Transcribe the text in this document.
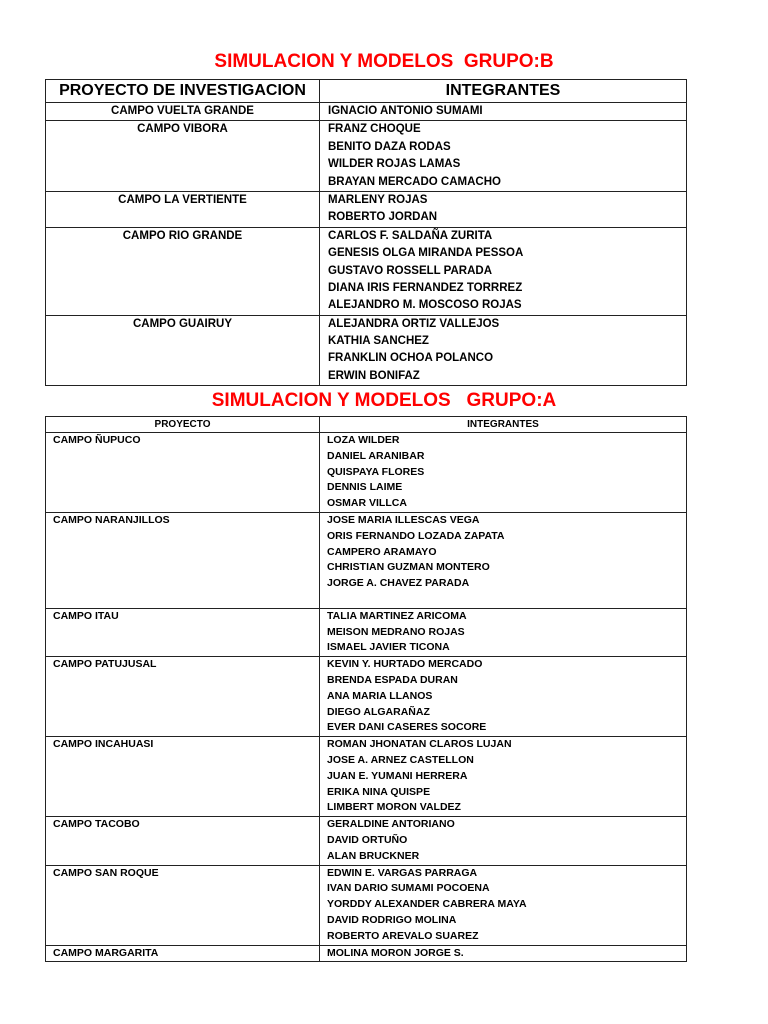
SIMULACION Y MODELOS  GRUPO:B
PROYECTO DE INVESTIGACION	INTEGRANTES

CAMPO VUELTA GRANDE	IGNACIO ANTONIO SUMAMI

CAMPO VIBORA	FRANZ CHOQUE
BENITO DAZA RODAS
WILDER ROJAS LAMAS
BRAYAN MERCADO CAMACHO

CAMPO LA VERTIENTE	MARLENY ROJAS
ROBERTO JORDAN

CAMPO RIO GRANDE	CARLOS F. SALDAÑA ZURITA
GENESIS OLGA MIRANDA PESSOA
GUSTAVO ROSSELL PARADA
DIANA IRIS FERNANDEZ TORRREZ
ALEJANDRO M. MOSCOSO ROJAS

CAMPO GUAIRUY	ALEJANDRA ORTIZ VALLEJOS
KATHIA SANCHEZ
FRANKLIN OCHOA POLANCO
ERWIN BONIFAZ
SIMULACION Y MODELOS   GRUPO:A
PROYECTO	INTEGRANTES

CAMPO ÑUPUCO	LOZA WILDER
DANIEL ARANIBAR
QUISPAYA FLORES
DENNIS LAIME
OSMAR VILLCA

CAMPO NARANJILLOS	JOSE MARIA ILLESCAS VEGA
ORIS FERNANDO LOZADA ZAPATA
CAMPERO ARAMAYO
CHRISTIAN GUZMAN MONTERO
JORGE A. CHAVEZ PARADA

CAMPO ITAU	TALIA MARTINEZ ARICOMA
MEISON MEDRANO ROJAS
ISMAEL JAVIER TICONA

CAMPO PATUJUSAL	KEVIN Y. HURTADO MERCADO
BRENDA ESPADA DURAN
ANA MARIA LLANOS
DIEGO ALGARAÑAZ
EVER DANI CASERES SOCORE

CAMPO INCAHUASI	ROMAN JHONATAN CLAROS LUJAN
JOSE A. ARNEZ CASTELLON
JUAN E. YUMANI HERRERA
ERIKA NINA QUISPE
LIMBERT MORON VALDEZ

CAMPO TACOBO	GERALDINE ANTORIANO
DAVID ORTUÑO
ALAN BRUCKNER

CAMPO SAN ROQUE	EDWIN E. VARGAS PARRAGA
IVAN DARIO SUMAMI POCOENA
YORDDY ALEXANDER CABRERA MAYA
DAVID RODRIGO MOLINA
ROBERTO AREVALO SUAREZ

CAMPO MARGARITA	MOLINA MORON JORGE S.
